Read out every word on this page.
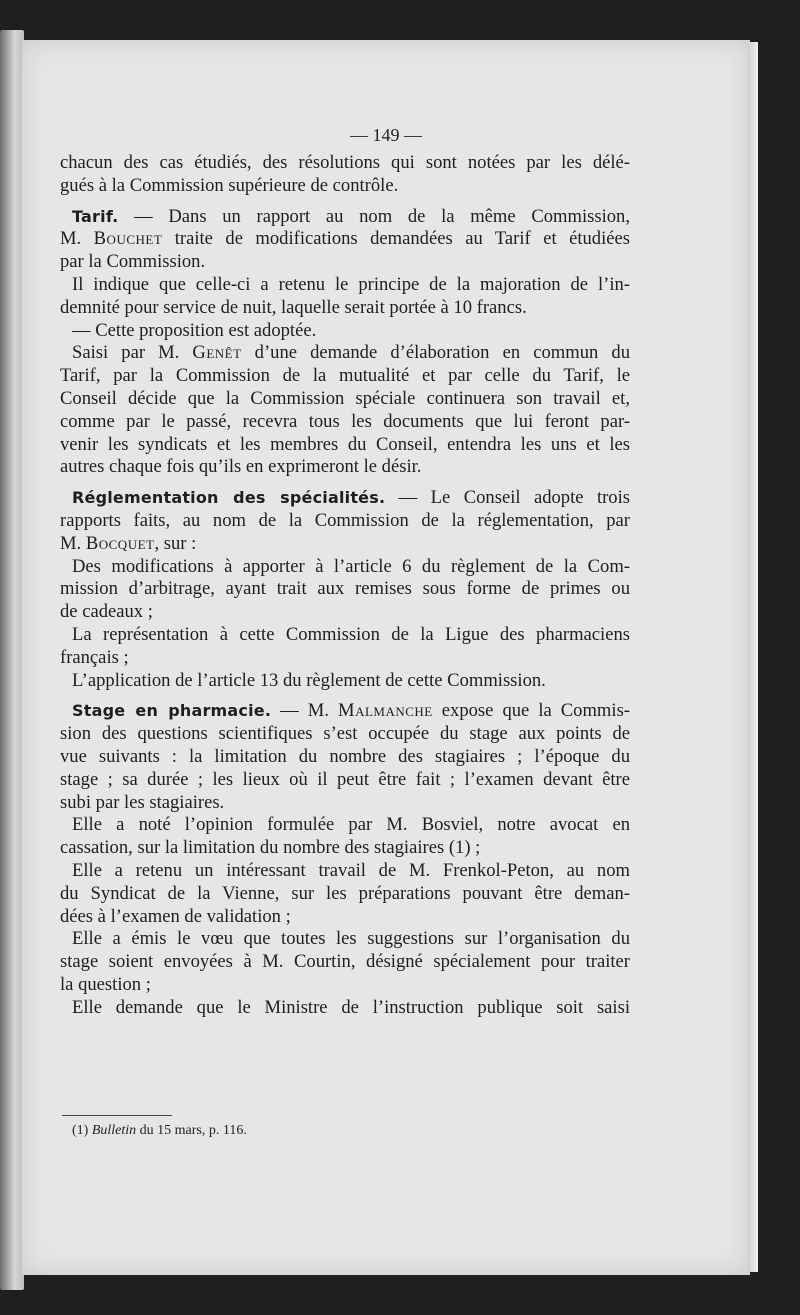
— 149 —
chacun des cas étudiés, des résolutions qui sont notées par les délé-
gués à la Commission supérieure de contrôle.
Tarif. — Dans un rapport au nom de la même Commission,
M. Bouchet traite de modifications demandées au Tarif et étudiées
par la Commission.
Il indique que celle-ci a retenu le principe de la majoration de l’in-
demnité pour service de nuit, laquelle serait portée à 10 francs.
— Cette proposition est adoptée.
Saisi par M. Genêt d’une demande d’élaboration en commun du
Tarif, par la Commission de la mutualité et par celle du Tarif, le
Conseil décide que la Commission spéciale continuera son travail et,
comme par le passé, recevra tous les documents que lui feront par-
venir les syndicats et les membres du Conseil, entendra les uns et les
autres chaque fois qu’ils en exprimeront le désir.
Réglementation des spécialités. — Le Conseil adopte trois
rapports faits, au nom de la Commission de la réglementation, par
M. Bocquet, sur :
Des modifications à apporter à l’article 6 du règlement de la Com-
mission d’arbitrage, ayant trait aux remises sous forme de primes ou
de cadeaux ;
La représentation à cette Commission de la Ligue des pharmaciens
français ;
L’application de l’article 13 du règlement de cette Commission.
Stage en pharmacie. — M. Malmanche expose que la Commis-
sion des questions scientifiques s’est occupée du stage aux points de
vue suivants : la limitation du nombre des stagiaires ; l’époque du
stage ; sa durée ; les lieux où il peut être fait ; l’examen devant être
subi par les stagiaires.
Elle a noté l’opinion formulée par M. Bosviel, notre avocat en
cassation, sur la limitation du nombre des stagiaires (1) ;
Elle a retenu un intéressant travail de M. Frenkol-Peton, au nom
du Syndicat de la Vienne, sur les préparations pouvant être deman-
dées à l’examen de validation ;
Elle a émis le vœu que toutes les suggestions sur l’organisation du
stage soient envoyées à M. Courtin, désigné spécialement pour traiter
la question ;
Elle demande que le Ministre de l’instruction publique soit saisi
(1) Bulletin du 15 mars, p. 116.
